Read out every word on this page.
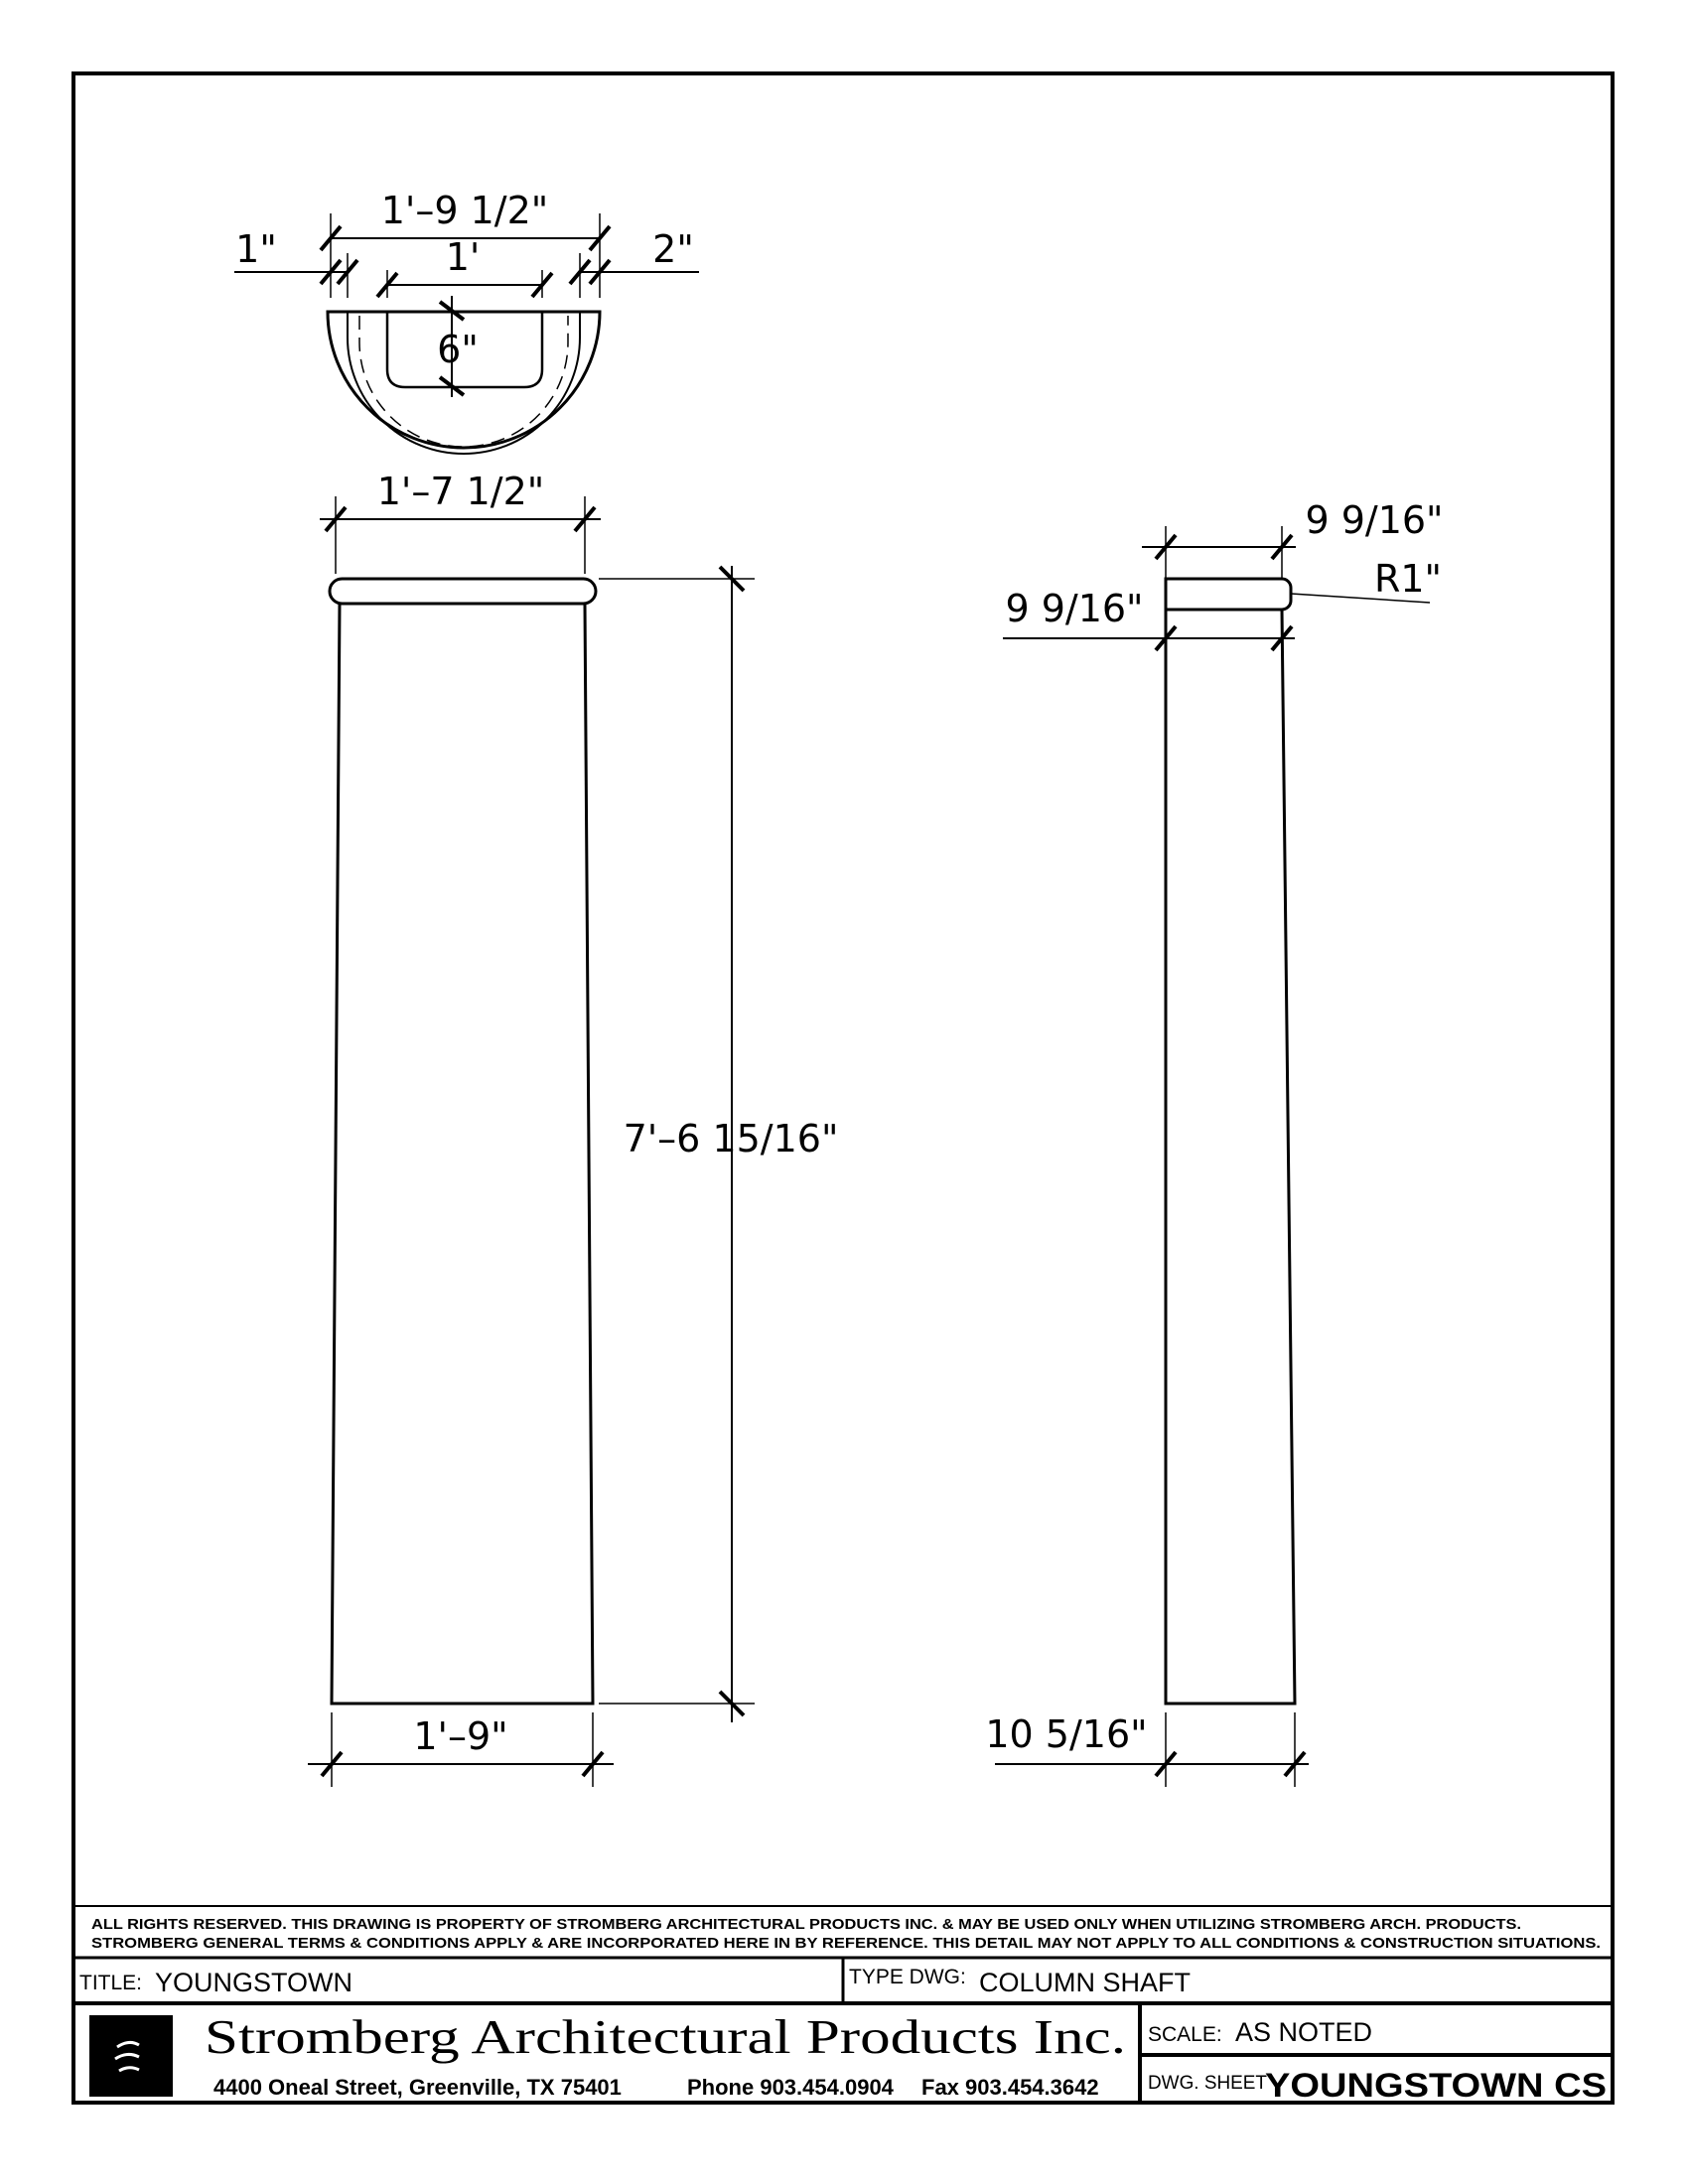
1'–9 1/2"
1"	1'	2"
6"
1'–7 1/2"
7'–6 15/16"
1'–9"
9 9/16"
R1"
9 9/16"
10 5/16"
ALL RIGHTS RESERVED. THIS DRAWING IS PROPERTY OF STROMBERG ARCHITECTURAL PRODUCTS INC. & MAY BE USED ONLY WHEN UTILIZING STROMBERG ARCH. PRODUCTS.
STROMBERG GENERAL TERMS & CONDITIONS APPLY & ARE INCORPORATED HERE IN BY REFERENCE. THIS DETAIL MAY NOT APPLY TO ALL CONDITIONS & CONSTRUCTION SITUATIONS.
TITLE: YOUNGSTOWN	TYPE DWG: COLUMN SHAFT
Stromberg Architectural Products Inc.
4400 Oneal Street, Greenville, TX 75401	Phone 903.454.0904 Fax 903.454.3642
SCALE: AS NOTED
DWG. SHEET
YOUNGSTOWN CS
